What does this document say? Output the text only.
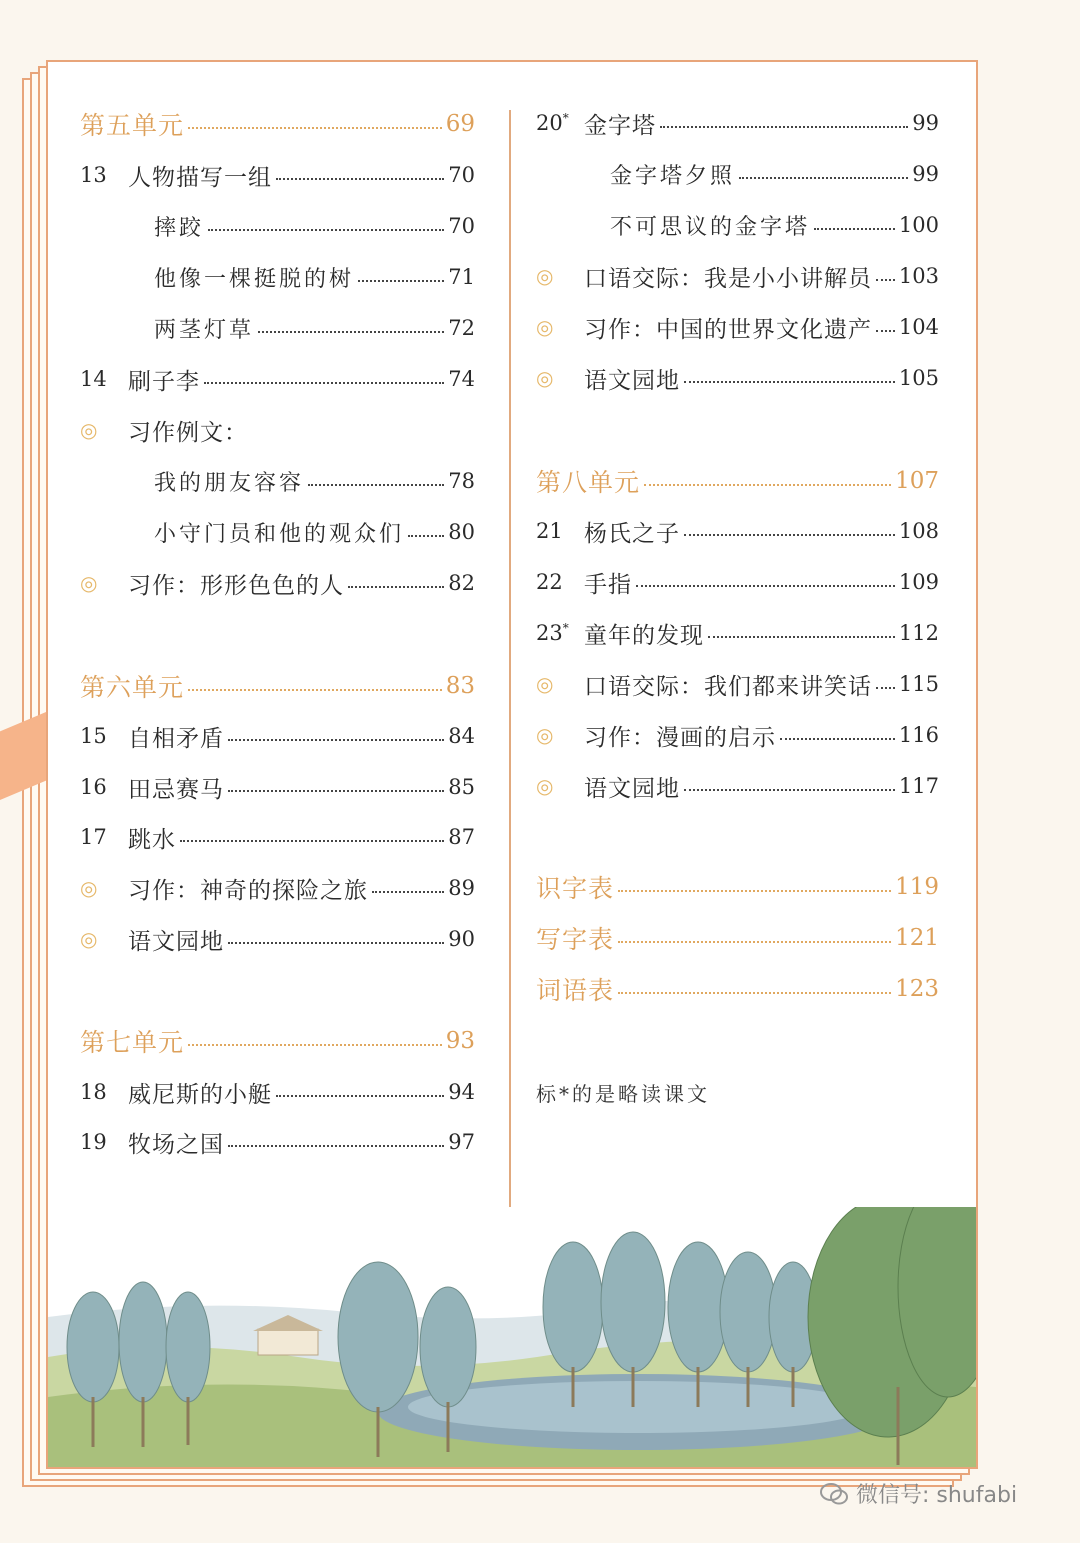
第五单元	69
13 人物描写一组	70
摔跤	70
他像一棵挺脱的树	71
两茎灯草	72
14 刷子李	74
◎	习作例文：
我的朋友容容	78
小守门员和他的观众们 80
◎	习作：形形色色的人	82
第六单元	83
15 自相矛盾	84
16 田忌赛马	85
17 跳水	87
◎	习作：神奇的探险之旅	89
◎	语文园地	90
第七单元	93
18 威尼斯的小艇	94
19 牧场之国	97
20* 金字塔	99
金字塔夕照	99
不可思议的金字塔	100
◎	口语交际：我是小小讲解员 103
◎	习作：中国的世界文化遗产 104
◎	语文园地	105
第八单元	107
21 杨氏之子	108
22 手指	109
23* 童年的发现	112
◎	口语交际：我们都来讲笑话 115
◎	习作：漫画的启示	116
◎	语文园地	117
识字表	119
写字表	121
词语表	123
标*的是略读课文
微信号: shufabi
